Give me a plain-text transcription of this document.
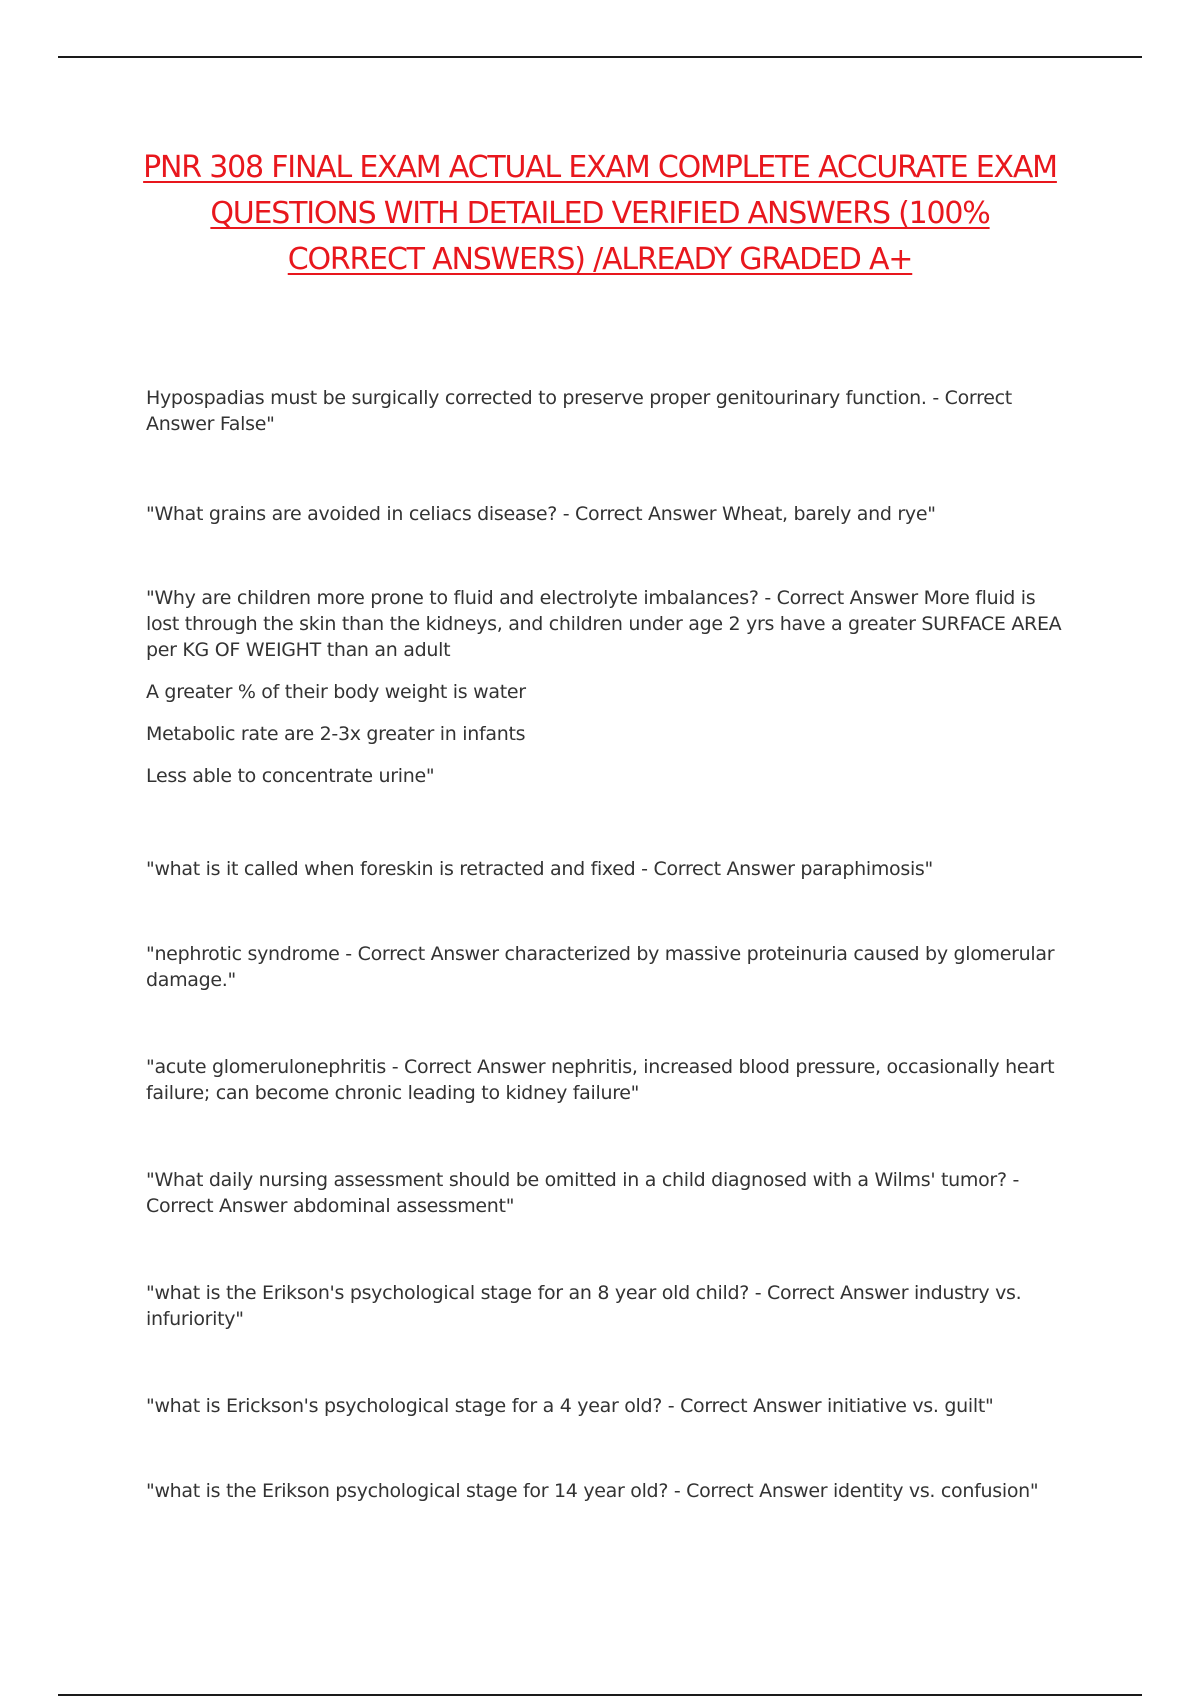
PNR 308 FINAL EXAM ACTUAL EXAM COMPLETE ACCURATE EXAM QUESTIONS WITH DETAILED VERIFIED ANSWERS (100% CORRECT ANSWERS) /ALREADY GRADED A+

Hypospadias must be surgically corrected to preserve proper genitourinary function. - Correct Answer False"

"What grains are avoided in celiacs disease? - Correct Answer Wheat, barely and rye"

"Why are children more prone to fluid and electrolyte imbalances? - Correct Answer More fluid is lost through the skin than the kidneys, and children under age 2 yrs have a greater SURFACE AREA per KG OF WEIGHT than an adult

A greater % of their body weight is water

Metabolic rate are 2-3x greater in infants

Less able to concentrate urine"

"what is it called when foreskin is retracted and fixed - Correct Answer paraphimosis"

"nephrotic syndrome - Correct Answer characterized by massive proteinuria caused by glomerular damage."

"acute glomerulonephritis - Correct Answer nephritis, increased blood pressure, occasionally heart failure; can become chronic leading to kidney failure"

"What daily nursing assessment should be omitted in a child diagnosed with a Wilms' tumor? - Correct Answer abdominal assessment"

"what is the Erikson's psychological stage for an 8 year old child? - Correct Answer industry vs. infuriority"

"what is Erickson's psychological stage for a 4 year old? - Correct Answer initiative vs. guilt"

"what is the Erikson psychological stage for 14 year old? - Correct Answer identity vs. confusion"
